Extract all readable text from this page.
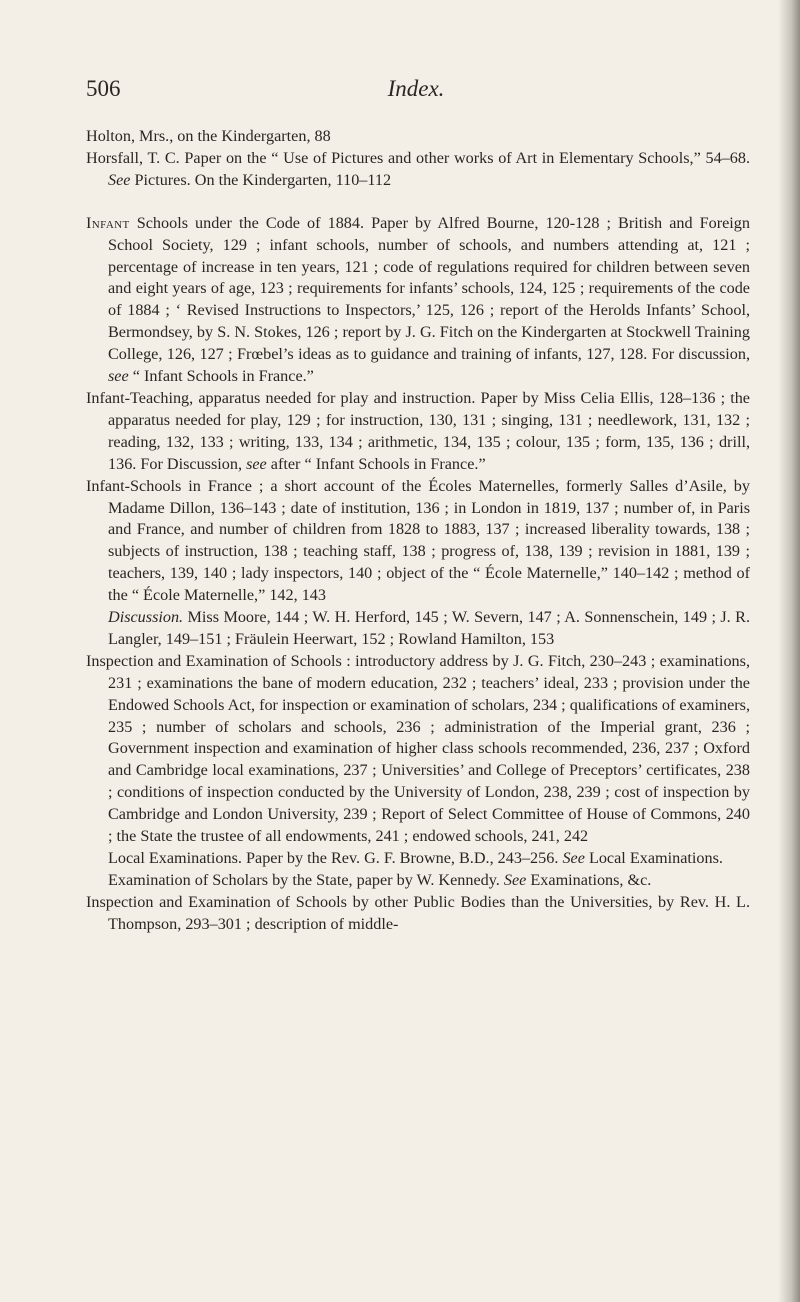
506	Index.

Holton, Mrs., on the Kindergarten, 88

Horsfall, T. C. Paper on the “ Use of Pictures and other works of Art in Elementary Schools,” 54–68. See Pictures. On the Kindergarten, 110–112

Infant Schools under the Code of 1884. Paper by Alfred Bourne, 120-128 ; British and Foreign School Society, 129 ; infant schools, number of schools, and numbers attending at, 121 ; percentage of increase in ten years, 121 ; code of regulations required for children between seven and eight years of age, 123 ; requirements for infants’ schools, 124, 125 ; requirements of the code of 1884 ; ‘ Revised Instructions to Inspectors,’ 125, 126 ; report of the Herolds Infants’ School, Bermondsey, by S. N. Stokes, 126 ; report by J. G. Fitch on the Kindergarten at Stockwell Training College, 126, 127 ; Frœbel’s ideas as to guidance and training of infants, 127, 128. For discussion, see “ Infant Schools in France.”

Infant-Teaching, apparatus needed for play and instruction. Paper by Miss Celia Ellis, 128–136 ; the apparatus needed for play, 129 ; for instruction, 130, 131 ; singing, 131 ; needlework, 131, 132 ; reading, 132, 133 ; writing, 133, 134 ; arithmetic, 134, 135 ; colour, 135 ; form, 135, 136 ; drill, 136. For Discussion, see after “ Infant Schools in France.”

Infant-Schools in France ; a short account of the Écoles Maternelles, formerly Salles d’Asile, by Madame Dillon, 136–143 ; date of institution, 136 ; in London in 1819, 137 ; number of, in Paris and France, and number of children from 1828 to 1883, 137 ; increased liberality towards, 138 ; subjects of instruction, 138 ; teaching staff, 138 ; progress of, 138, 139 ; revision in 1881, 139 ; teachers, 139, 140 ; lady inspectors, 140 ; object of the “ École Maternelle,” 140–142 ; method of the “ École Maternelle,” 142, 143

Discussion. Miss Moore, 144 ; W. H. Herford, 145 ; W. Severn, 147 ; A. Sonnenschein, 149 ; J. R. Langler, 149–151 ; Fräulein Heerwart, 152 ; Rowland Hamilton, 153

Inspection and Examination of Schools : introductory address by J. G. Fitch, 230–243 ; examinations, 231 ; examinations the bane of modern education, 232 ; teachers’ ideal, 233 ; provision under the Endowed Schools Act, for inspection or examination of scholars, 234 ; qualifications of examiners, 235 ; number of scholars and schools, 236 ; administration of the Imperial grant, 236 ; Government inspection and examination of higher class schools recommended, 236, 237 ; Oxford and Cambridge local examinations, 237 ; Universities’ and College of Preceptors’ certificates, 238 ; conditions of inspection conducted by the University of London, 238, 239 ; cost of inspection by Cambridge and London University, 239 ; Report of Select Committee of House of Commons, 240 ; the State the trustee of all endowments, 241 ; endowed schools, 241, 242

Local Examinations. Paper by the Rev. G. F. Browne, B.D., 243–256. See Local Examinations.

Examination of Scholars by the State, paper by W. Kennedy. See Examinations, &c.

Inspection and Examination of Schools by other Public Bodies than the Universities, by Rev. H. L. Thompson, 293–301 ; description of middle-
